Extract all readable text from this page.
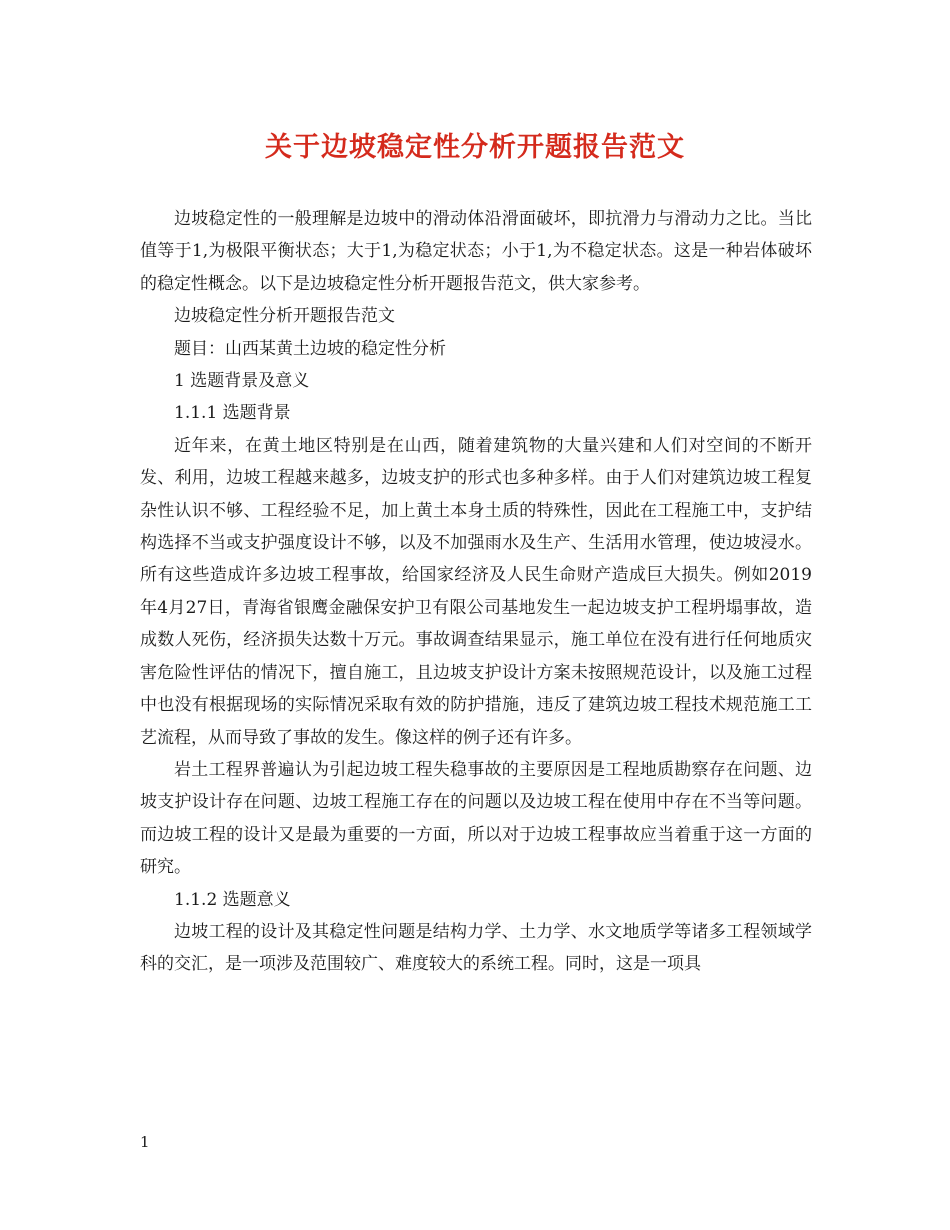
关于边坡稳定性分析开题报告范文

边坡稳定性的一般理解是边坡中的滑动体沿滑面破坏，即抗滑力与滑动力之比。当比值等于1,为极限平衡状态；大于1,为稳定状态；小于1,为不稳定状态。这是一种岩体破坏的稳定性概念。以下是边坡稳定性分析开题报告范文，供大家参考。

边坡稳定性分析开题报告范文

题目：山西某黄土边坡的稳定性分析

1 选题背景及意义

1.1.1 选题背景

近年来，在黄土地区特别是在山西，随着建筑物的大量兴建和人们对空间的不断开发、利用，边坡工程越来越多，边坡支护的形式也多种多样。由于人们对建筑边坡工程复杂性认识不够、工程经验不足，加上黄土本身土质的特殊性，因此在工程施工中，支护结构选择不当或支护强度设计不够，以及不加强雨水及生产、生活用水管理，使边坡浸水。所有这些造成许多边坡工程事故，给国家经济及人民生命财产造成巨大损失。例如2019年4月27日，青海省银鹰金融保安护卫有限公司基地发生一起边坡支护工程坍塌事故，造成数人死伤，经济损失达数十万元。事故调查结果显示，施工单位在没有进行任何地质灾害危险性评估的情况下，擅自施工，且边坡支护设计方案未按照规范设计，以及施工过程中也没有根据现场的实际情况采取有效的防护措施，违反了建筑边坡工程技术规范施工工艺流程，从而导致了事故的发生。像这样的例子还有许多。

岩土工程界普遍认为引起边坡工程失稳事故的主要原因是工程地质勘察存在问题、边坡支护设计存在问题、边坡工程施工存在的问题以及边坡工程在使用中存在不当等问题。而边坡工程的设计又是最为重要的一方面，所以对于边坡工程事故应当着重于这一方面的研究。

1.1.2 选题意义

边坡工程的设计及其稳定性问题是结构力学、土力学、水文地质学等诸多工程领域学科的交汇，是一项涉及范围较广、难度较大的系统工程。同时，这是一项具

1
